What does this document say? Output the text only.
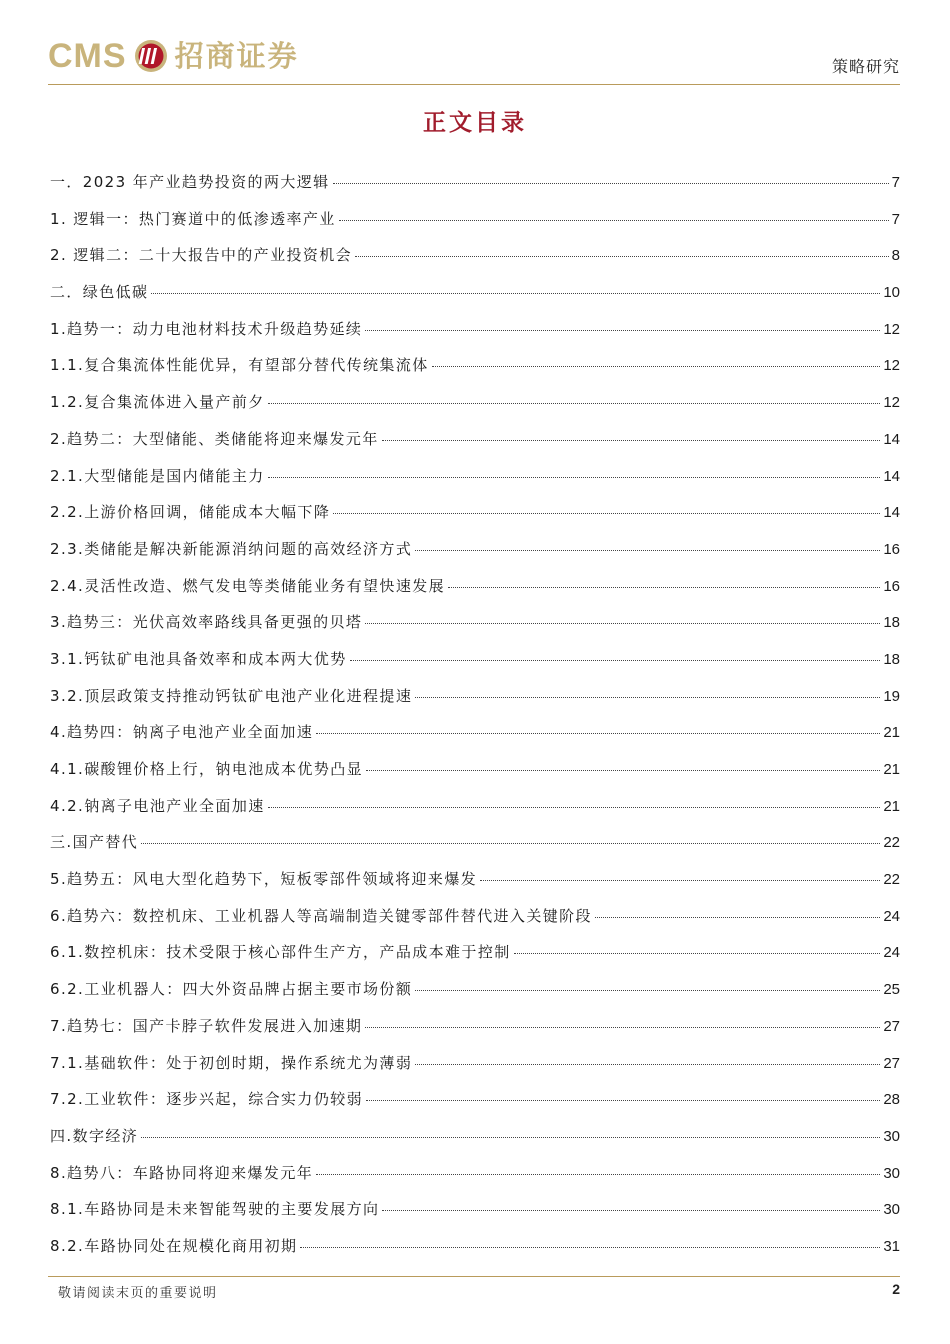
CMS 招商证券	策略研究
正文目录
一．2023 年产业趋势投资的两大逻辑	7
1. 逻辑一：热门赛道中的低渗透率产业	7
2. 逻辑二：二十大报告中的产业投资机会	8
二．绿色低碳	10
1.趋势一：动力电池材料技术升级趋势延续	12
1.1.复合集流体性能优异，有望部分替代传统集流体	12
1.2.复合集流体进入量产前夕	12
2.趋势二：大型储能、类储能将迎来爆发元年	14
2.1.大型储能是国内储能主力	14
2.2.上游价格回调，储能成本大幅下降	14
2.3.类储能是解决新能源消纳问题的高效经济方式	16
2.4.灵活性改造、燃气发电等类储能业务有望快速发展	16
3.趋势三：光伏高效率路线具备更强的贝塔	18
3.1.钙钛矿电池具备效率和成本两大优势	18
3.2.顶层政策支持推动钙钛矿电池产业化进程提速	19
4.趋势四：钠离子电池产业全面加速	21
4.1.碳酸锂价格上行，钠电池成本优势凸显	21
4.2.钠离子电池产业全面加速	21
三.国产替代	22
5.趋势五：风电大型化趋势下，短板零部件领域将迎来爆发	22
6.趋势六：数控机床、工业机器人等高端制造关键零部件替代进入关键阶段	24
6.1.数控机床：技术受限于核心部件生产方，产品成本难于控制	24
6.2.工业机器人：四大外资品牌占据主要市场份额	25
7.趋势七：国产卡脖子软件发展进入加速期	27
7.1.基础软件：处于初创时期，操作系统尤为薄弱	27
7.2.工业软件：逐步兴起，综合实力仍较弱	28
四.数字经济	30
8.趋势八：车路协同将迎来爆发元年	30
8.1.车路协同是未来智能驾驶的主要发展方向	30
8.2.车路协同处在规模化商用初期	31
敬请阅读末页的重要说明	2
